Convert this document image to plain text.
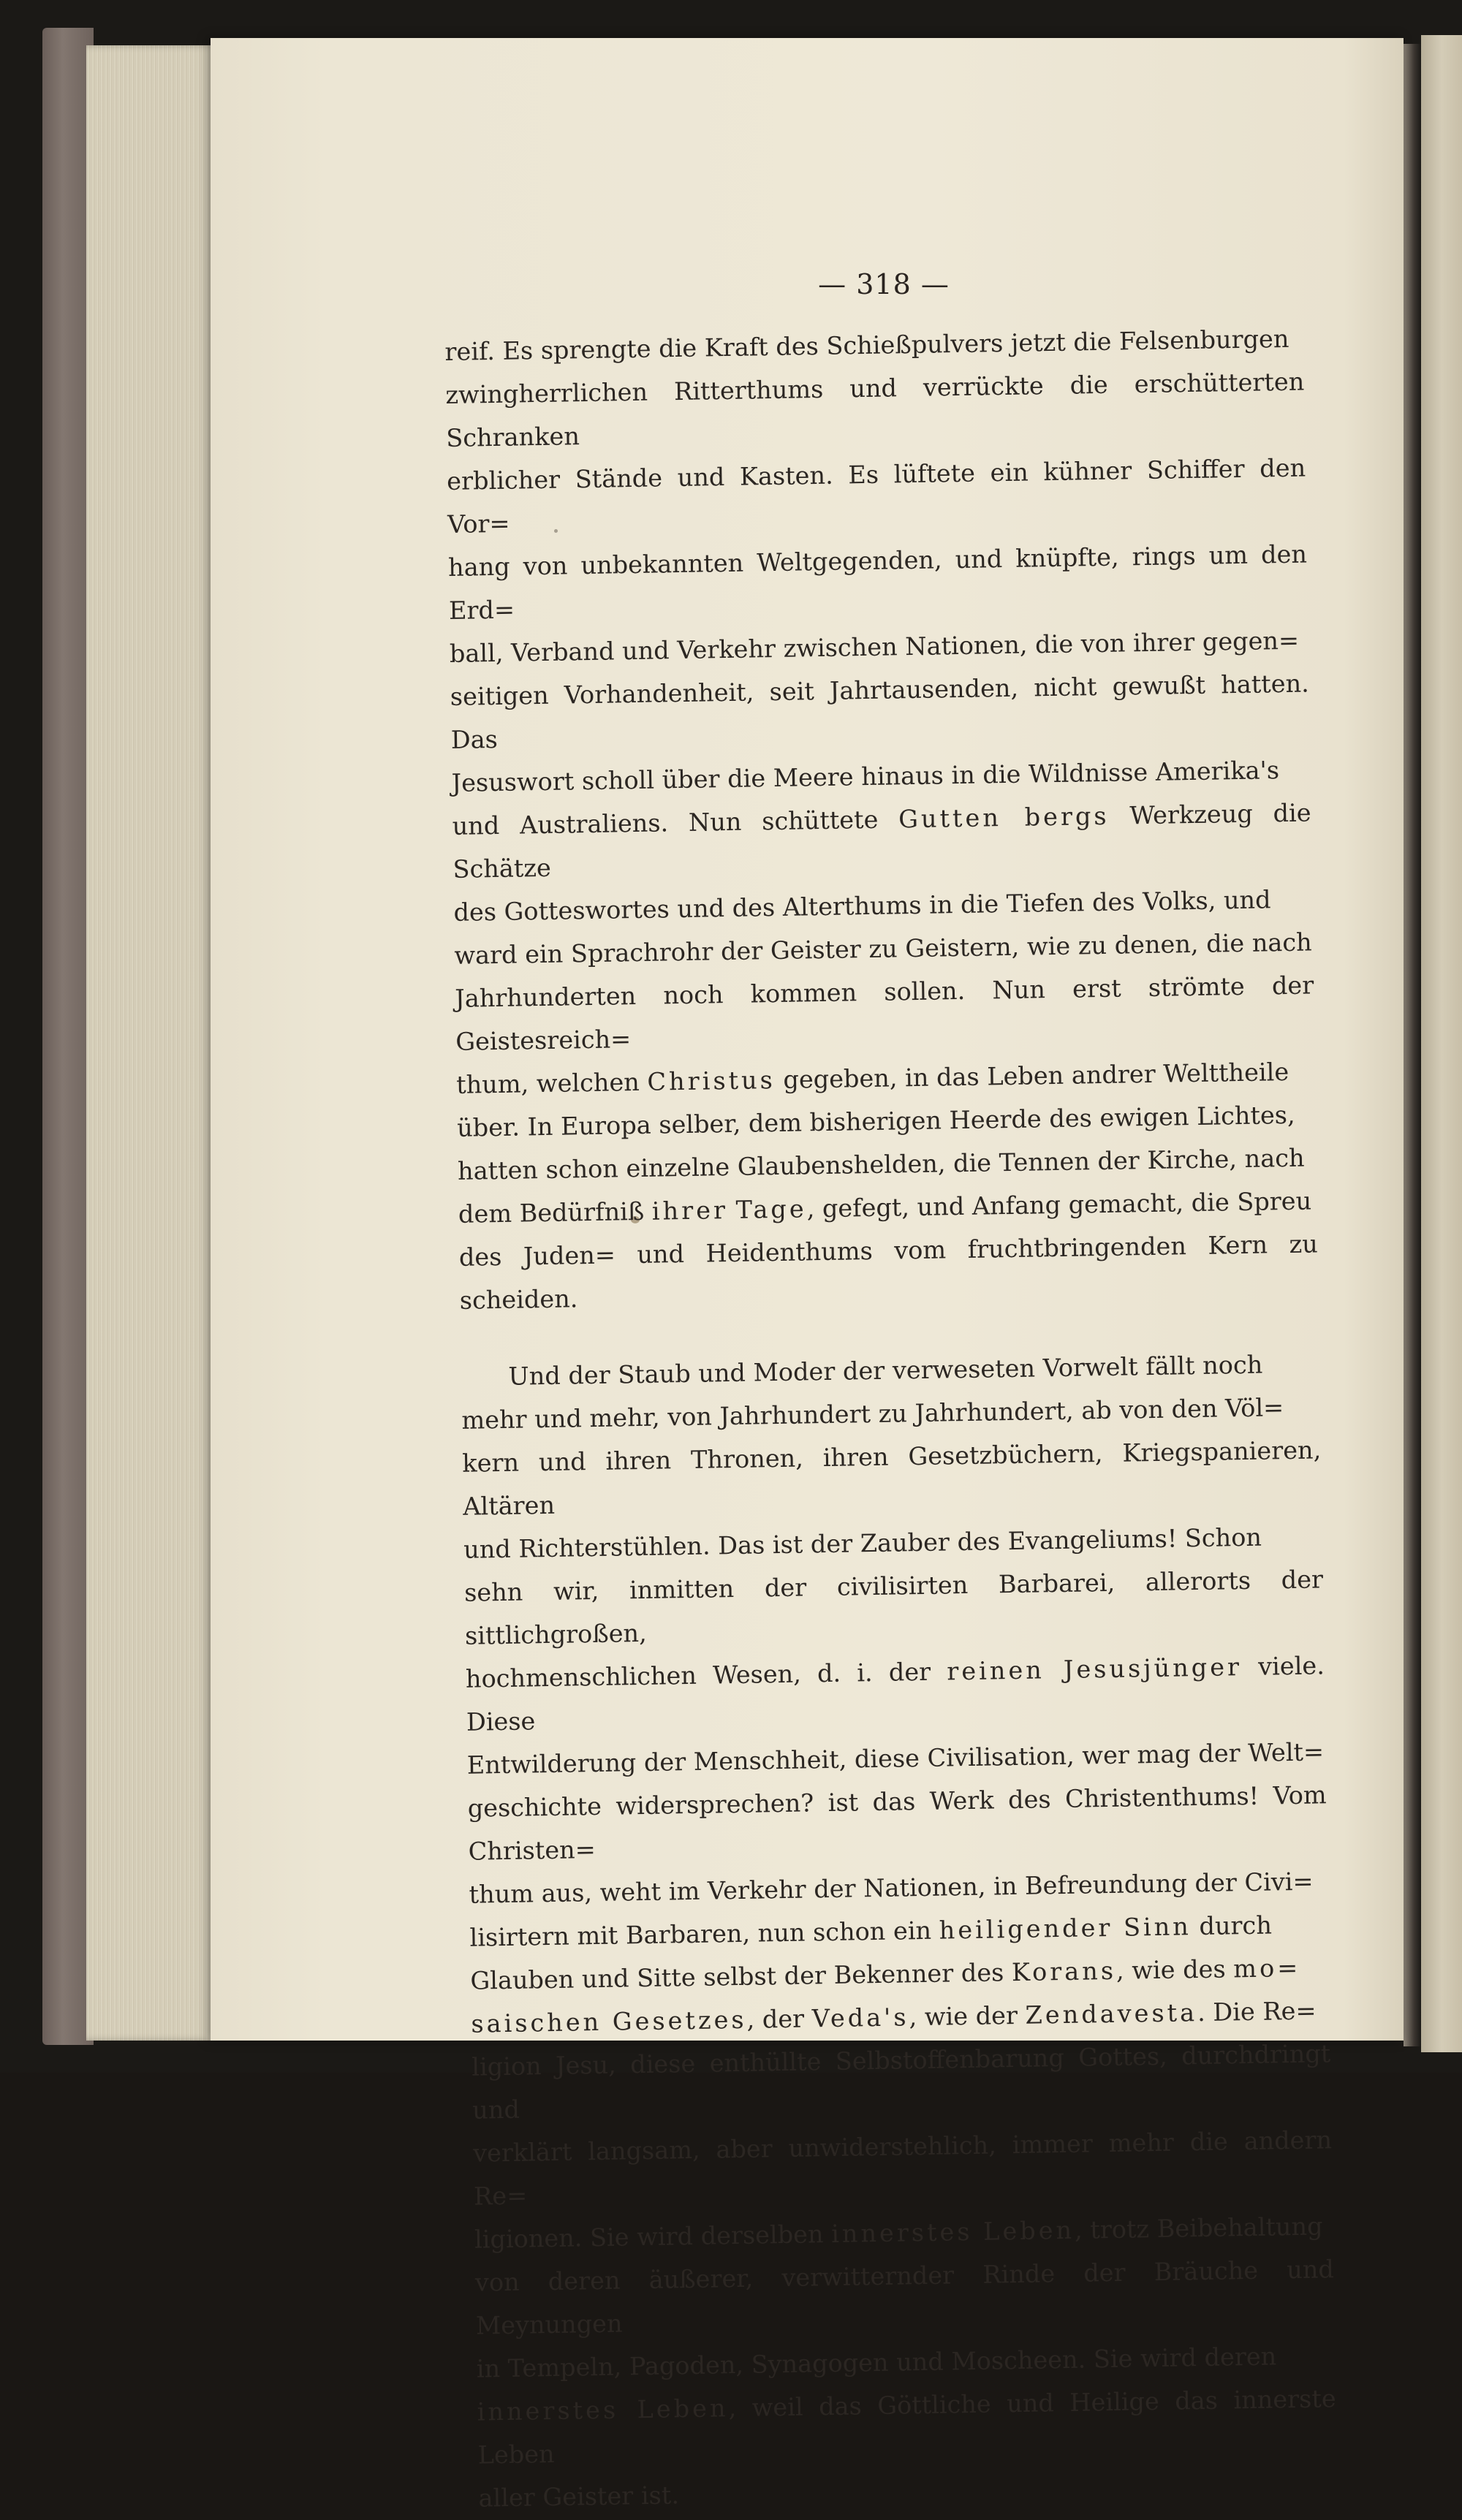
— 318 —

reif. Es sprengte die Kraft des Schießpulvers jetzt die Felsenburgen
zwingherrlichen Ritterthums und verrückte die erschütterten Schranken
erblicher Stände und Kasten. Es lüftete ein kühner Schiffer den Vor=
hang von unbekannten Weltgegenden, und knüpfte, rings um den Erd=
ball, Verband und Verkehr zwischen Nationen, die von ihrer gegen=
seitigen Vorhandenheit, seit Jahrtausenden, nicht gewußt hatten. Das
Jesuswort scholl über die Meere hinaus in die Wildnisse Amerika's
und Australiens. Nun schüttete Gutten bergs Werkzeug die Schätze
des Gotteswortes und des Alterthums in die Tiefen des Volks, und
ward ein Sprachrohr der Geister zu Geistern, wie zu denen, die nach
Jahrhunderten noch kommen sollen. Nun erst strömte der Geistesreich=
thum, welchen Christus gegeben, in das Leben andrer Welttheile
über. In Europa selber, dem bisherigen Heerde des ewigen Lichtes,
hatten schon einzelne Glaubenshelden, die Tennen der Kirche, nach
dem Bedürfniß ihrer Tage, gefegt, und Anfang gemacht, die Spreu
des Juden= und Heidenthums vom fruchtbringenden Kern zu scheiden.

Und der Staub und Moder der verweseten Vorwelt fällt noch
mehr und mehr, von Jahrhundert zu Jahrhundert, ab von den Völ=
kern und ihren Thronen, ihren Gesetzbüchern, Kriegspanieren, Altären
und Richterstühlen. Das ist der Zauber des Evangeliums! Schon
sehn wir, inmitten der civilisirten Barbarei, allerorts der sittlichgroßen,
hochmenschlichen Wesen, d. i. der reinen Jesusjünger viele. Diese
Entwilderung der Menschheit, diese Civilisation, wer mag der Welt=
geschichte widersprechen? ist das Werk des Christenthums! Vom Christen=
thum aus, weht im Verkehr der Nationen, in Befreundung der Civi=
lisirtern mit Barbaren, nun schon ein heiligender Sinn durch
Glauben und Sitte selbst der Bekenner des Korans, wie des mo=
saischen Gesetzes, der Veda's, wie der Zendavesta. Die Re=
ligion Jesu, diese enthüllte Selbstoffenbarung Gottes, durchdringt und
verklärt langsam, aber unwiderstehlich, immer mehr die andern Re=
ligionen. Sie wird derselben innerstes Leben, trotz Beibehaltung
von deren äußerer, verwitternder Rinde der Bräuche und Meynungen
in Tempeln, Pagoden, Synagogen und Moscheen. Sie wird deren
innerstes Leben, weil das Göttliche und Heilige das innerste Leben
aller Geister ist.
